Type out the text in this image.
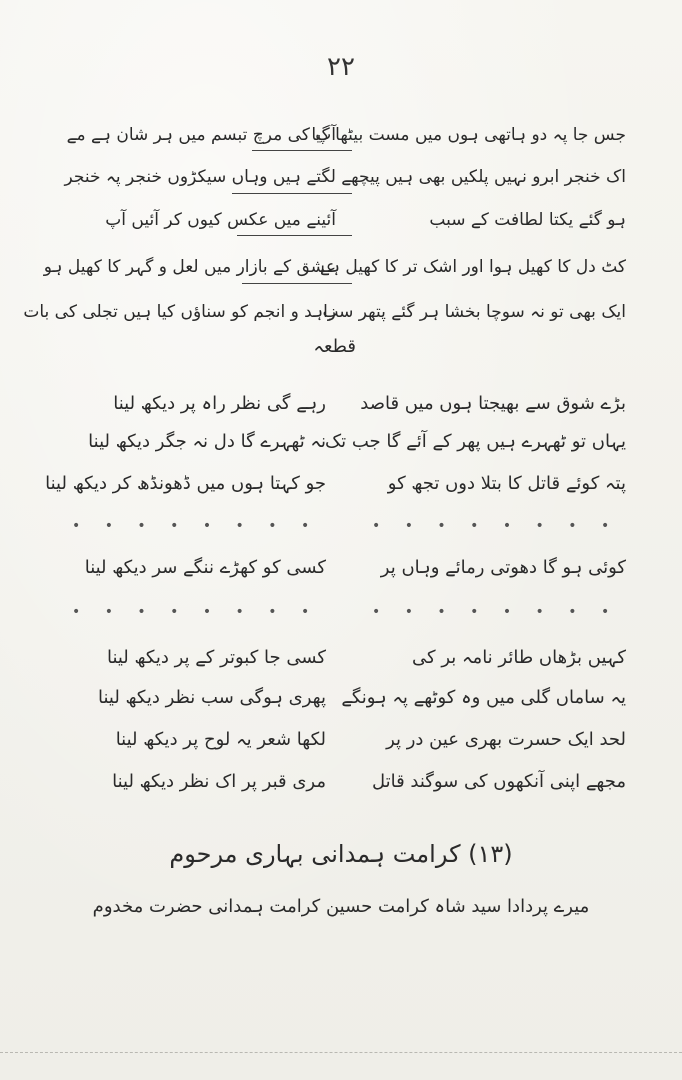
۲۲
جس جا پہ دو ہاتھی ہوں میں مست بیٹھا گیا
آپ کی مرچ تبسم میں ہر شان ہے مے
اک خنجر ابرو نہیں پلکیں بھی ہیں پیچھے
لگتے ہیں وہاں سیکڑوں خنجر پہ خنجر
ہو گئے یکتا لطافت کے سبب
آئینے میں عکس کیوں کر آئیں آپ
کٹ دل کا کھیل ہوا اور اشک تر کا کھیل ہے
عشق کے بازار میں لعل و گہر کا کھیل ہو
ایک بھی تو نہ سوچا بخشا ہر گئے پتھر سب
زاہد و انجم کو سناؤں کیا ہیں تجلی کی بات
قطعہ
بڑے شوق سے بھیجتا ہوں میں قاصد
رہے گی نظر راہ پر دیکھ لینا
یہاں تو ٹھہرے ہیں پھر کے آئے گا جب تک
نہ ٹھہرے گا دل نہ جگر دیکھ لینا
پتہ کوئے قاتل کا بتلا دوں تجھ کو
جو کہتا ہوں میں ڈھونڈھ کر دیکھ لینا
• • • • • • • •	• • • • • • • •
کوئی ہو گا دھوتی رمائے وہاں پر
کسی کو کھڑے ننگے سر دیکھ لینا
• • • • • • • •	• • • • • • • •
کہیں بڑھاں طائر نامہ بر کی
کسی جا کبوتر کے پر دیکھ لینا
یہ ساماں گلی میں وہ کوٹھے پہ ہونگے
پھری ہوگی سب نظر دیکھ لینا
لحد ایک حسرت بھری عین در پر
لکھا شعر یہ لوح پر دیکھ لینا
مجھے اپنی آنکھوں کی سوگند قاتل
مری قبر پر اک نظر دیکھ لینا
(۱۳) کرامت ہمدانی بہاری مرحوم
میرے پردادا سید شاہ کرامت حسین کرامت ہمدانی حضرت مخدوم
